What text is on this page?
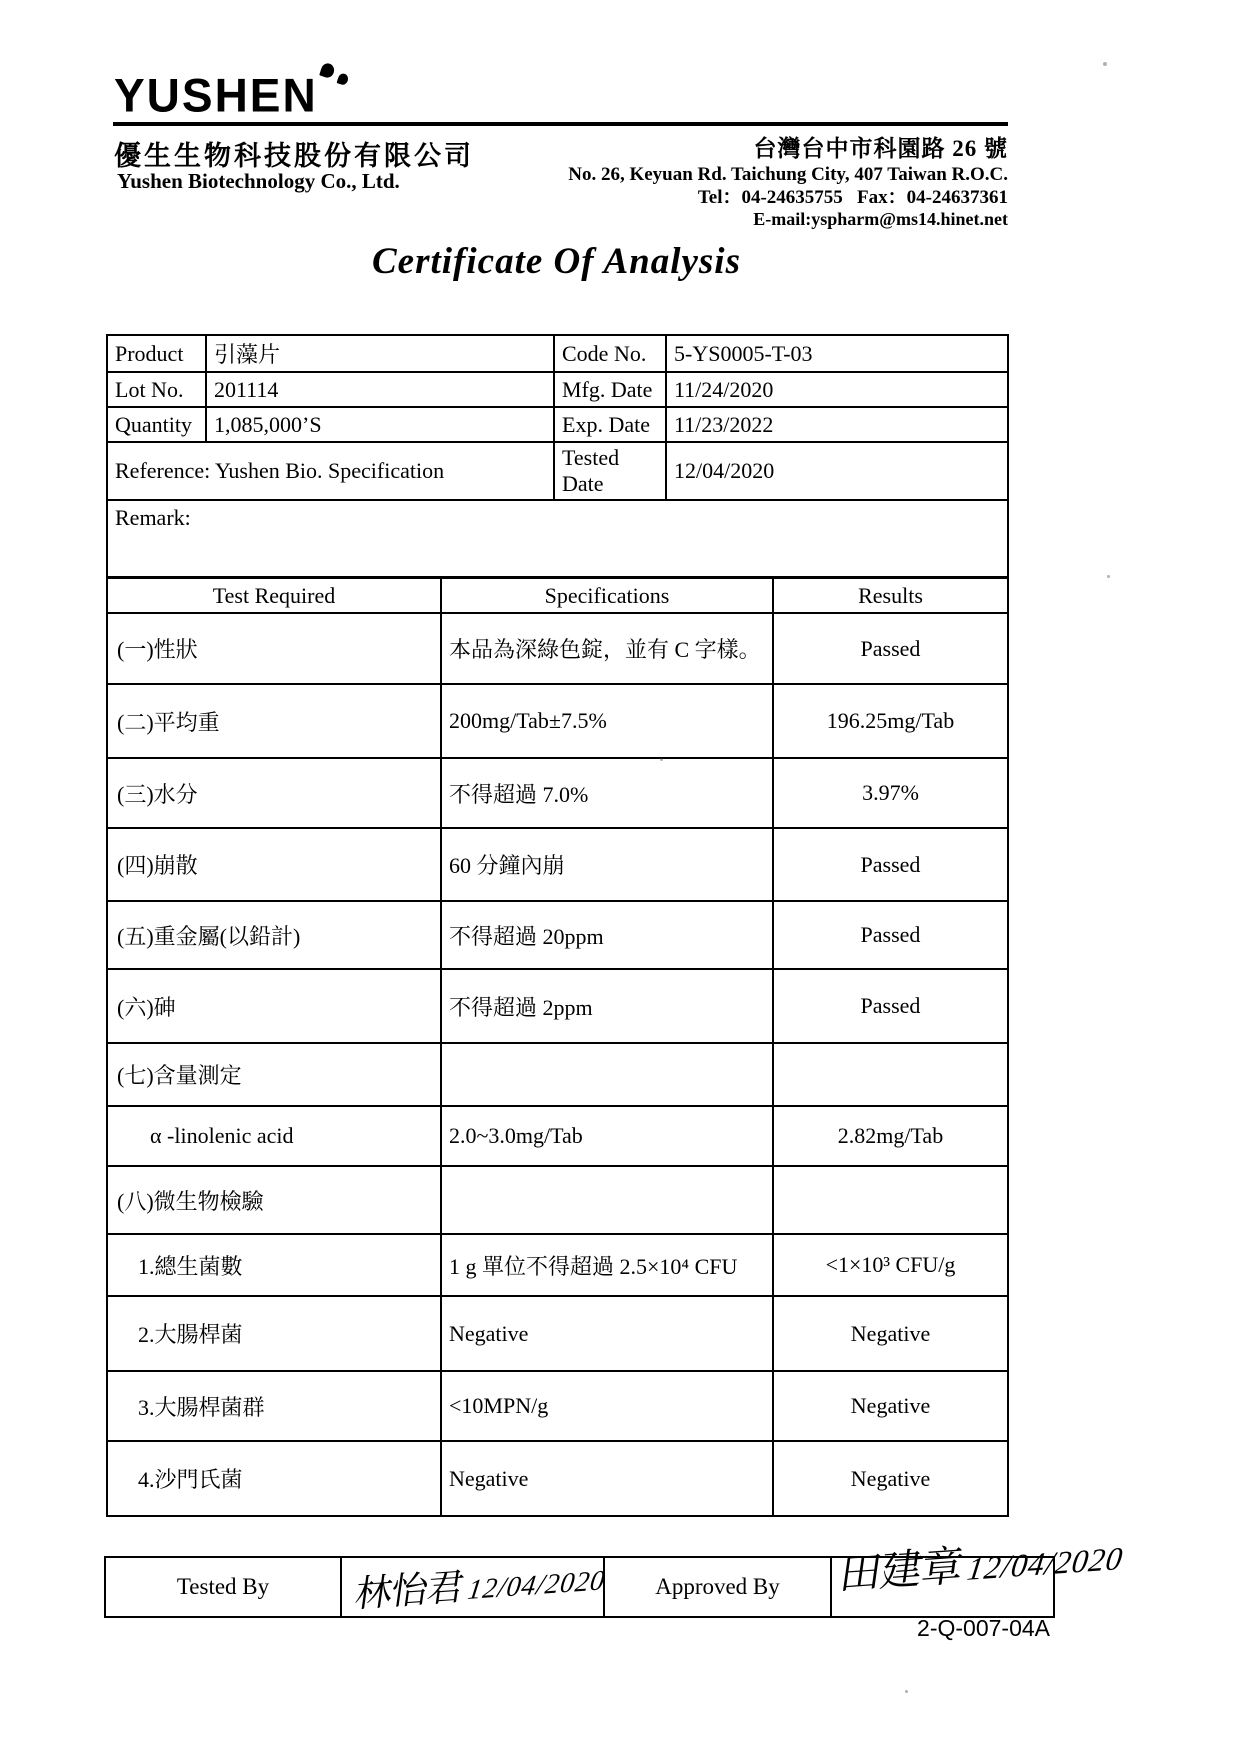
YUSHEN
優生生物科技股份有限公司
Yushen Biotechnology Co., Ltd.
台灣台中市科園路 26 號
No. 26, Keyuan Rd. Taichung City, 407 Taiwan R.O.C.
Tel：04-24635755   Fax：04-24637361
E-mail:yspharm@ms14.hinet.net
Certificate Of Analysis
Product	引藻片	Code No.	5-YS0005-T-03
Lot No.	201114	Mfg. Date	11/24/2020
Quantity	1,085,000’S	Exp. Date	11/23/2022
Reference: Yushen Bio. Specification		Tested Date	12/04/2020
Remark:			
Test Required	Specifications	Results
(一)性狀	本品為深綠色錠，並有 C 字樣。	Passed
(二)平均重	200mg/Tab±7.5%	196.25mg/Tab
(三)水分	不得超過 7.0%	3.97%
(四)崩散	60 分鐘內崩	Passed
(五)重金屬(以鉛計)	不得超過 20ppm	Passed
(六)砷	不得超過 2ppm	Passed
(七)含量測定		
α -linolenic acid	2.0~3.0mg/Tab	2.82mg/Tab
(八)微生物檢驗		
1.總生菌數	1 g 單位不得超過 2.5×10⁴ CFU	<1×10³ CFU/g
2.大腸桿菌	Negative	Negative
3.大腸桿菌群	<10MPN/g	Negative
4.沙門氏菌	Negative	Negative
Tested By	林怡君 12/04/2020	Approved By	田建章 12/04/2020
2-Q-007-04A
